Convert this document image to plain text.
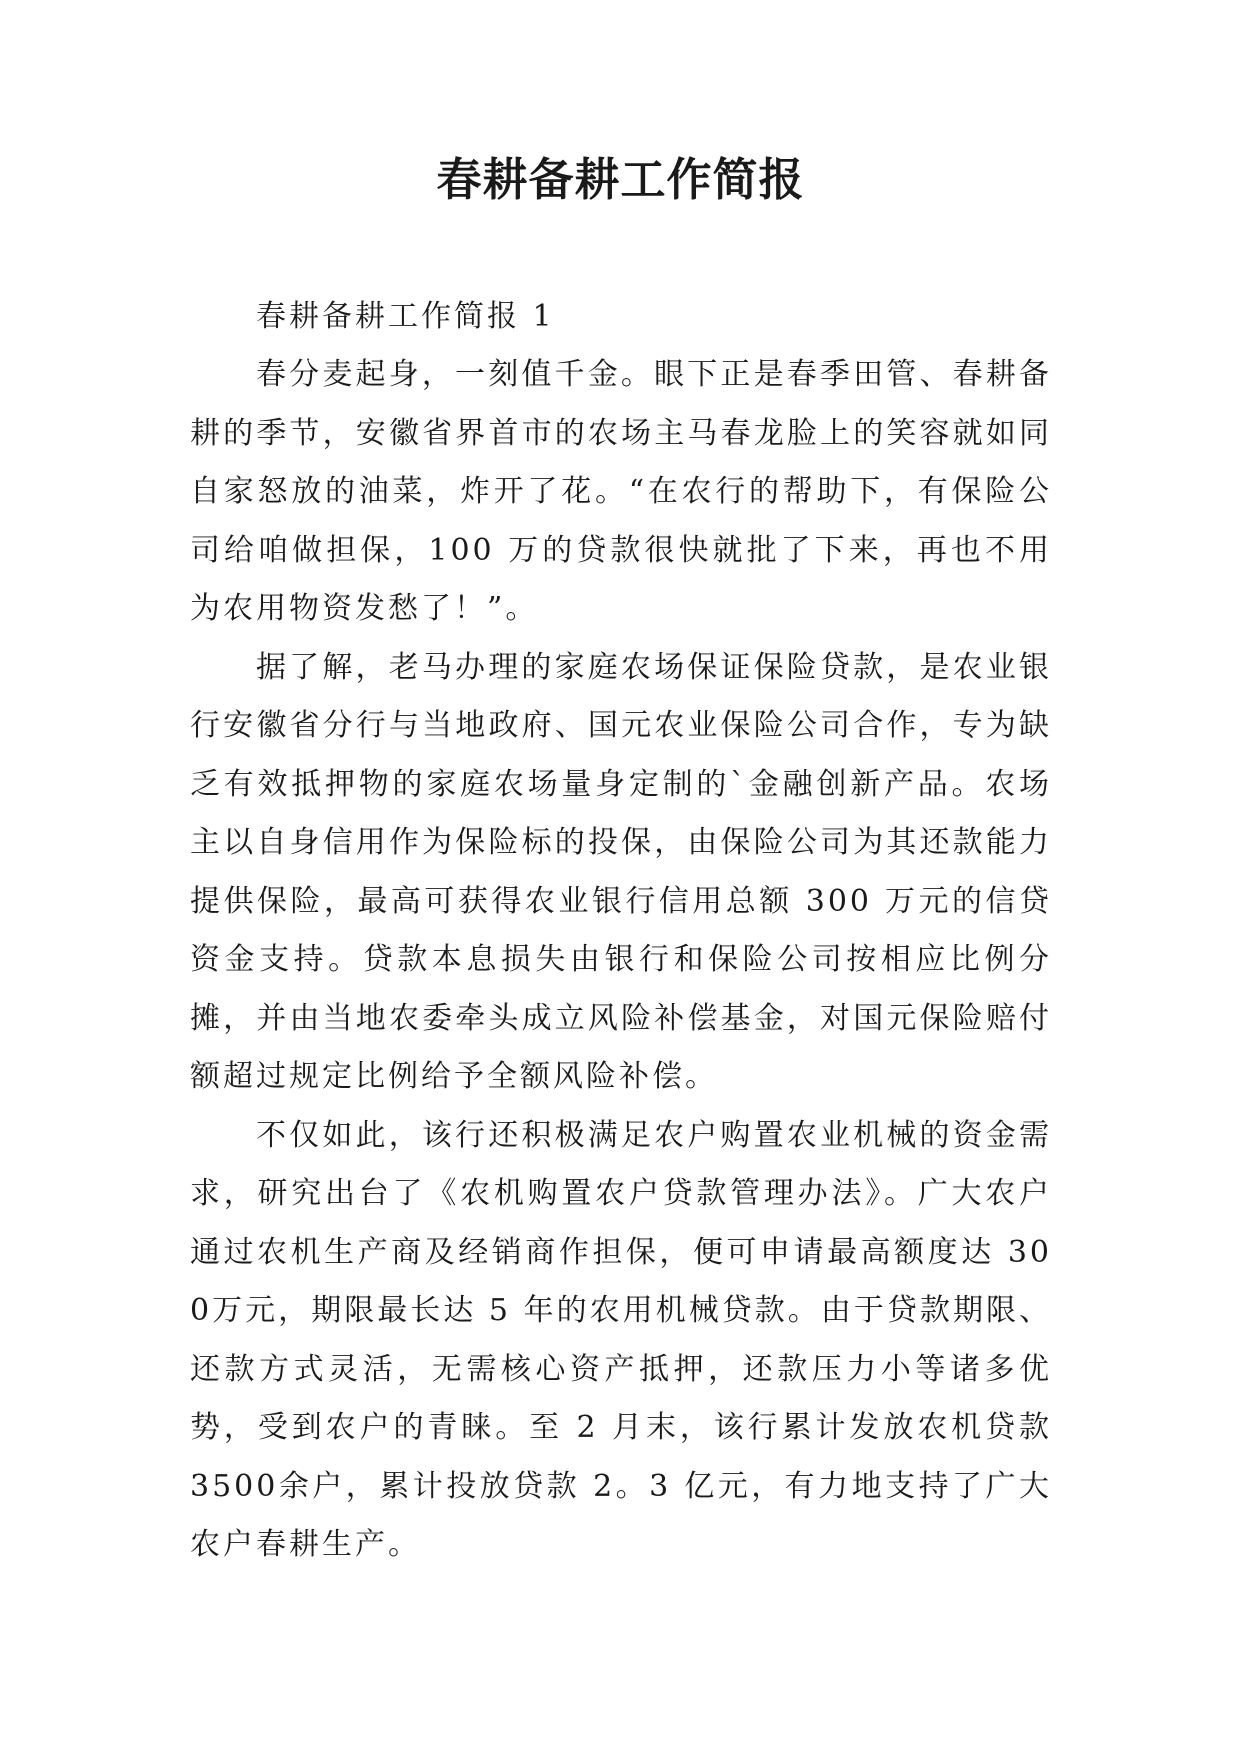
春耕备耕工作简报

春耕备耕工作简报 1

春分麦起身，一刻值千金。眼下正是春季田管、春耕备耕的季节，安徽省界首市的农场主马春龙脸上的笑容就如同自家怒放的油菜，炸开了花。“在农行的帮助下，有保险公司给咱做担保，100 万的贷款很快就批了下来，再也不用为农用物资发愁了！”。

据了解，老马办理的家庭农场保证保险贷款，是农业银行安徽省分行与当地政府、国元农业保险公司合作，专为缺乏有效抵押物的家庭农场量身定制的`金融创新产品。农场主以自身信用作为保险标的投保，由保险公司为其还款能力提供保险，最高可获得农业银行信用总额 300 万元的信贷资金支持。贷款本息损失由银行和保险公司按相应比例分摊，并由当地农委牵头成立风险补偿基金，对国元保险赔付额超过规定比例给予全额风险补偿。

不仅如此，该行还积极满足农户购置农业机械的资金需求，研究出台了《农机购置农户贷款管理办法》。广大农户通过农机生产商及经销商作担保，便可申请最高额度达 300万元，期限最长达 5 年的农用机械贷款。由于贷款期限、还款方式灵活，无需核心资产抵押，还款压力小等诸多优势，受到农户的青睐。至 2 月末，该行累计发放农机贷款 3500余户，累计投放贷款 2。3 亿元，有力地支持了广大农户春耕生产。
